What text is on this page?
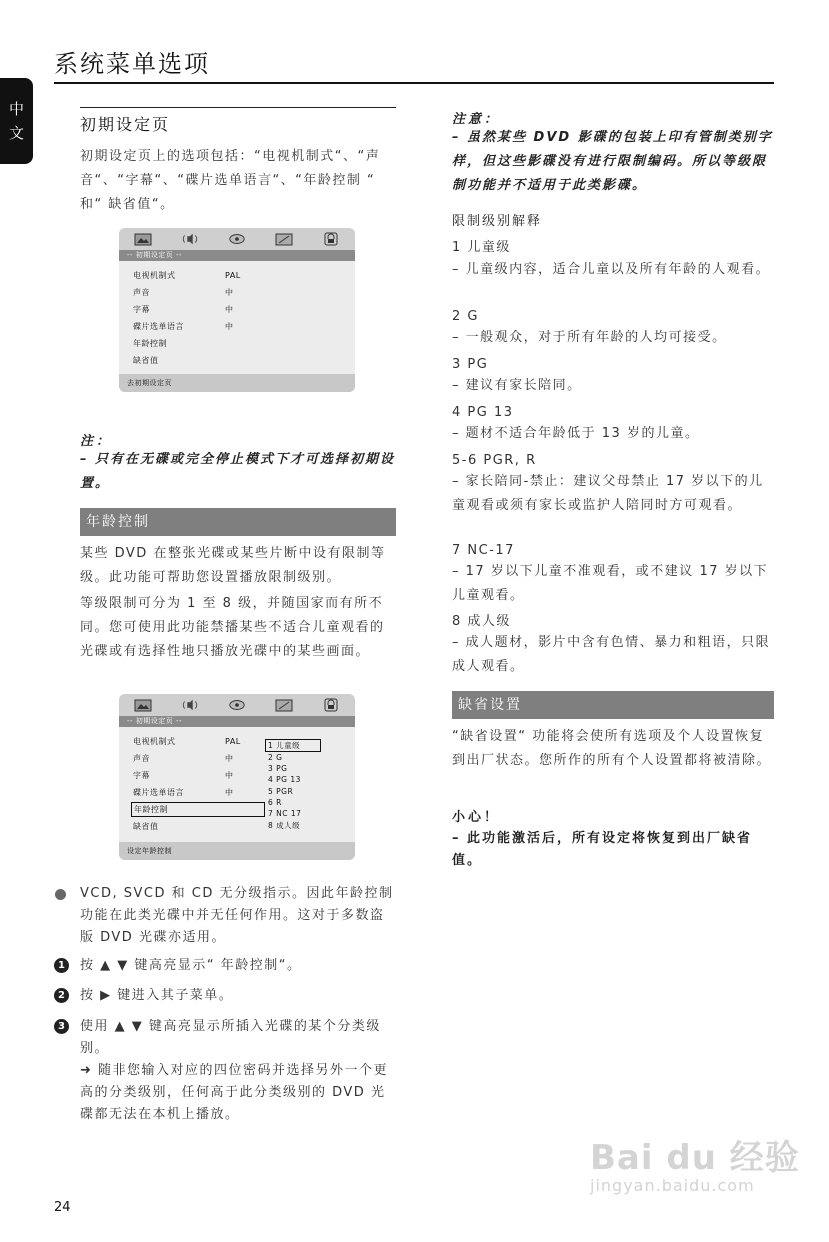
系统菜单选项
中
文	初期设定页

初期设定页上的选项包括：“电视机制式“、“声音“、“字幕“、“碟片选单语言“、“年龄控制 “ 和“ 缺省值“。

-- 初期设定页 --
电视机制式	PAL
声音	中
字幕	中
碟片选单语言	中
年龄控制
缺省值
去初期设定页
注：

– 只有在无碟或完全停止模式下才可选择初期设置。

年龄控制

某些 DVD 在整张光碟或某些片断中设有限制等级。此功能可帮助您设置播放限制级别。

等级限制可分为 1 至 8 级，并随国家而有所不同。您可使用此功能禁播某些不适合儿童观看的光碟或有选择性地只播放光碟中的某些画面。

-- 初期设定页 --
电视机制式	PAL
声音	中
字幕	中
碟片选单语言	中
年龄控制
缺省值
1 儿童级
2 G
3 PG
4 PG 13
5 PGR
6 R
7 NC 17
8 成人级
设定年龄控制

VCD, SVCD 和 CD 无分级指示。因此年龄控制功能在此类光碟中并无任何作用。这对于多数盗版 DVD 光碟亦适用。

1	按 ▲ ▼ 键高亮显示“ 年龄控制“。

2	按 ▶ 键进入其子菜单。

3	使用 ▲ ▼ 键高亮显示所插入光碟的某个分类级别。

➜ 随非您输入对应的四位密码并选择另外一个更高的分类级别，任何高于此分类级别的 DVD 光碟都无法在本机上播放。

注意：

– 虽然某些 DVD 影碟的包装上印有管制类别字样，但这些影碟没有进行限制编码。所以等级限制功能并不适用于此类影碟。

限制级别解释
1 儿童级

– 儿童级内容，适合儿童以及所有年龄的人观看。

2 G

– 一般观众，对于所有年龄的人均可接受。

3 PG

– 建议有家长陪同。

4 PG 13

– 题材不适合年龄低于 13 岁的儿童。

5-6 PGR, R

– 家长陪同-禁止：建议父母禁止 17 岁以下的儿童观看或须有家长或监护人陪同时方可观看。

7 NC-17

– 17 岁以下儿童不准观看，或不建议 17 岁以下儿童观看。

8 成人级

– 成人题材，影片中含有色情、暴力和粗语，只限成人观看。

缺省设置

“缺省设置“ 功能将会使所有选项及个人设置恢复到出厂状态。您所作的所有个人设置都将被清除。

小心！

– 此功能激活后，所有设定将恢复到出厂缺省值。

Bai du 经验
jingyan.baidu.com
24
